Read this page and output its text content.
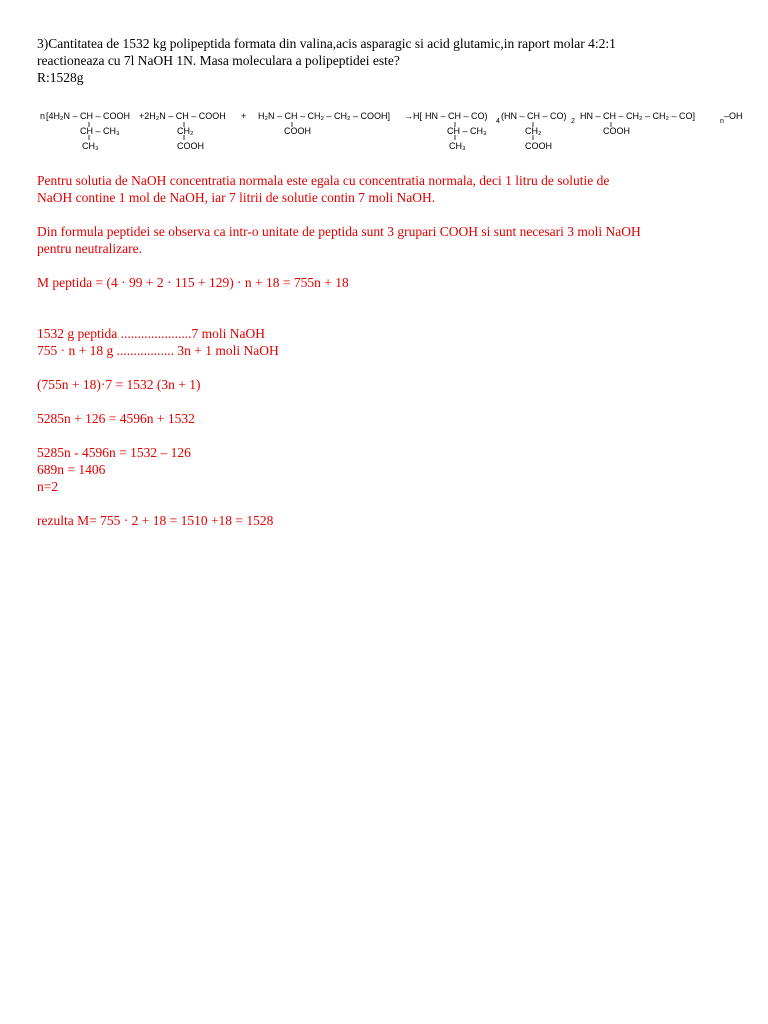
3)Cantitatea de 1532 kg polipeptida formata din valina,acis asparagic si acid glutamic,in raport molar 4:2:1
reactioneaza cu 7l NaOH 1N. Masa moleculara a polipeptidei este?
R:1528g
n [4H₂N – CH – COOH +2H₂N – CH – COOH + H₂N – CH – CH₂ – CH₂ – COOH] →H[ HN – CH – CO)
4
(HN – CH – CO)
2
HN – CH – CH₂ – CH₂ – CO]
n
–OH
CH – CH₃
CH₃
CH₂
COOH
COOH	CH – CH₃
CH₃
CH₂
COOH
COOH

Pentru solutia de NaOH concentratia normala este egala cu concentratia normala, deci 1 litru de solutie de

NaOH contine 1 mol de NaOH, iar 7 litrii de solutie contin 7 moli NaOH.

Din formula peptidei se observa ca intr-o unitate de peptida sunt 3 grupari COOH si sunt necesari 3 moli NaOH

pentru neutralizare.

M peptida = (4 · 99 + 2 · 115 + 129) · n + 18 = 755n + 18

1532 g peptida .....................7 moli NaOH

755 · n + 18 g ................. 3n + 1 moli NaOH

(755n + 18)·7 = 1532 (3n + 1)

5285n + 126 = 4596n + 1532

5285n - 4596n = 1532 – 126

689n = 1406

n=2

rezulta M= 755 · 2 + 18 = 1510 +18 = 1528
